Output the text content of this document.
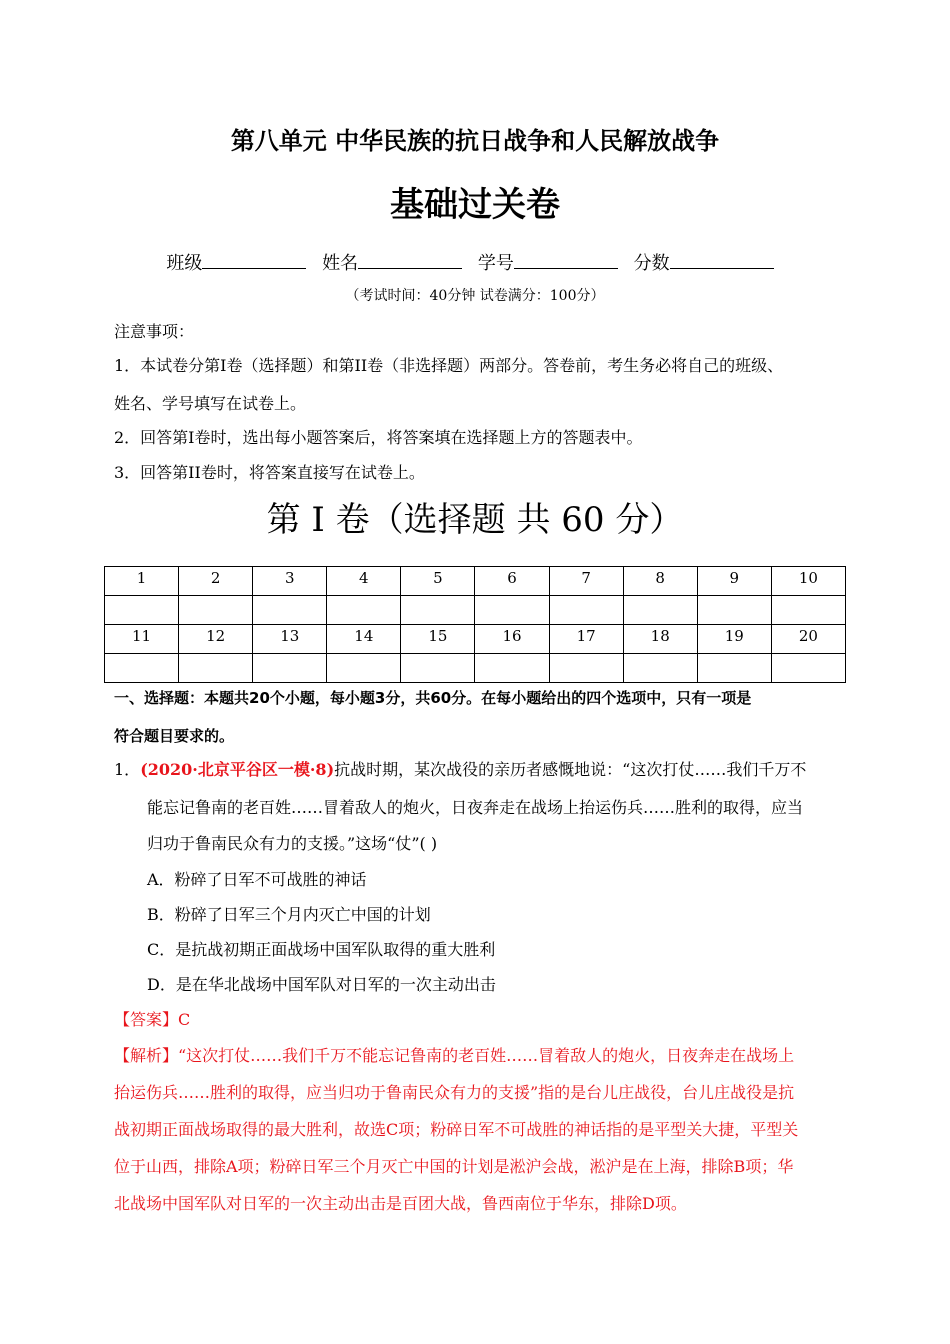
第八单元 中华民族的抗日战争和人民解放战争
基础过关卷
班级	姓名	学号	分数
（考试时间：40分钟 试卷满分：100分）
注意事项：
1．本试卷分第I卷（选择题）和第II卷（非选择题）两部分。答卷前，考生务必将自己的班级、
姓名、学号填写在试卷上。
2．回答第I卷时，选出每小题答案后，将答案填在选择题上方的答题表中。
3．回答第II卷时，将答案直接写在试卷上。
第 I 卷（选择题 共 60 分）
1	2	3	4	5	6	7	8	9	10

11	12	13	14	15	16	17	18	19	20

一、选择题：本题共20个小题，每小题3分，共60分。在每小题给出的四个选项中，只有一项是
符合题目要求的。
1．(2020·北京平谷区一模·8)抗战时期，某次战役的亲历者感慨地说：“这次打仗……我们千万不
能忘记鲁南的老百姓……冒着敌人的炮火，日夜奔走在战场上抬运伤兵……胜利的取得，应当
归功于鲁南民众有力的支援。”这场“仗”( )
A．粉碎了日军不可战胜的神话
B．粉碎了日军三个月内灭亡中国的计划
C．是抗战初期正面战场中国军队取得的重大胜利
D．是在华北战场中国军队对日军的一次主动出击
【答案】C
【解析】“这次打仗……我们千万不能忘记鲁南的老百姓……冒着敌人的炮火，日夜奔走在战场上
抬运伤兵……胜利的取得，应当归功于鲁南民众有力的支援”指的是台儿庄战役，台儿庄战役是抗
战初期正面战场取得的最大胜利，故选C项；粉碎日军不可战胜的神话指的是平型关大捷，平型关
位于山西，排除A项；粉碎日军三个月灭亡中国的计划是淞沪会战，淞沪是在上海，排除B项；华
北战场中国军队对日军的一次主动出击是百团大战，鲁西南位于华东，排除D项。
